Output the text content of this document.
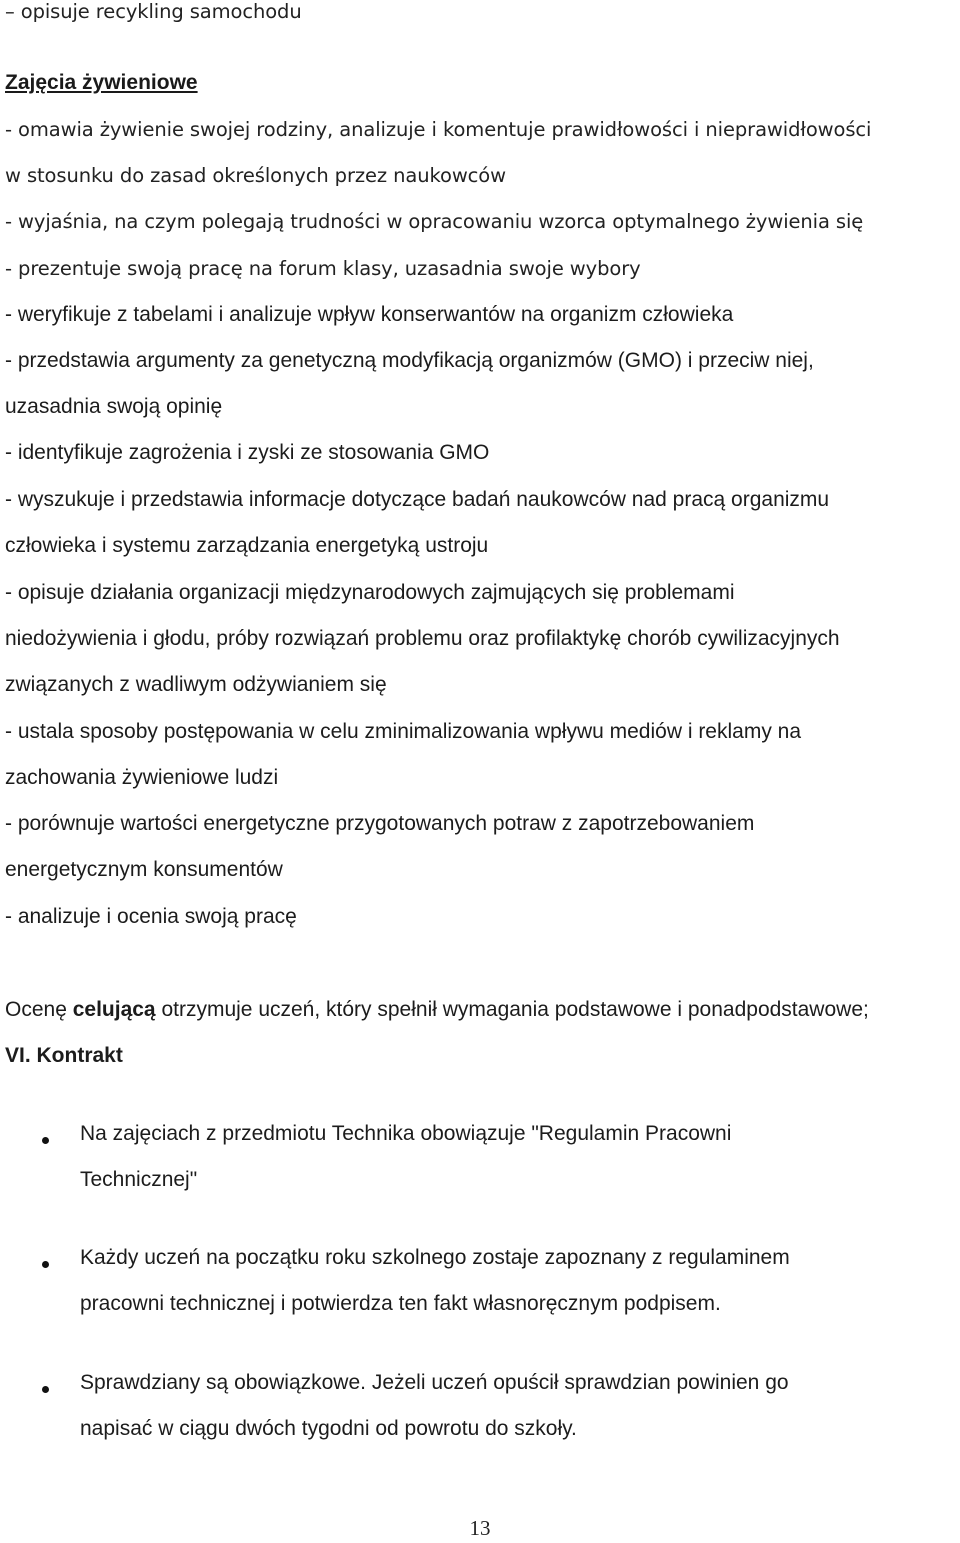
– opisuje recykling samochodu

Zajęcia żywieniowe

- omawia żywienie swojej rodziny, analizuje i komentuje prawidłowości i nieprawidłowości

w stosunku do zasad określonych przez naukowców

- wyjaśnia, na czym polegają trudności w opracowaniu wzorca optymalnego żywienia się

- prezentuje swoją pracę na forum klasy, uzasadnia swoje wybory

- weryfikuje z tabelami i analizuje wpływ konserwantów na organizm człowieka

- przedstawia argumenty za genetyczną modyfikacją organizmów (GMO) i przeciw niej,

uzasadnia swoją opinię

- identyfikuje zagrożenia i zyski ze stosowania GMO

- wyszukuje i przedstawia informacje dotyczące badań naukowców nad pracą organizmu

człowieka i systemu zarządzania energetyką ustroju

- opisuje działania organizacji międzynarodowych zajmujących się problemami

niedożywienia i głodu, próby rozwiązań problemu oraz profilaktykę chorób cywilizacyjnych

związanych z wadliwym odżywianiem się

- ustala sposoby postępowania w celu zminimalizowania wpływu mediów i reklamy na

zachowania żywieniowe ludzi

- porównuje wartości energetyczne przygotowanych potraw z zapotrzebowaniem

energetycznym konsumentów

- analizuje i ocenia swoją pracę

Ocenę celującą otrzymuje uczeń, który spełnił wymagania podstawowe i ponadpodstawowe;

VI. Kontrakt

Na zajęciach z przedmiotu Technika obowiązuje "Regulamin Pracowni
Technicznej"
Każdy uczeń na początku roku szkolnego zostaje zapoznany z regulaminem
pracowni technicznej i potwierdza ten fakt własnoręcznym podpisem.
Sprawdziany są obowiązkowe. Jeżeli uczeń opuścił sprawdzian powinien go
napisać w ciągu dwóch tygodni od powrotu do szkoły.
13
